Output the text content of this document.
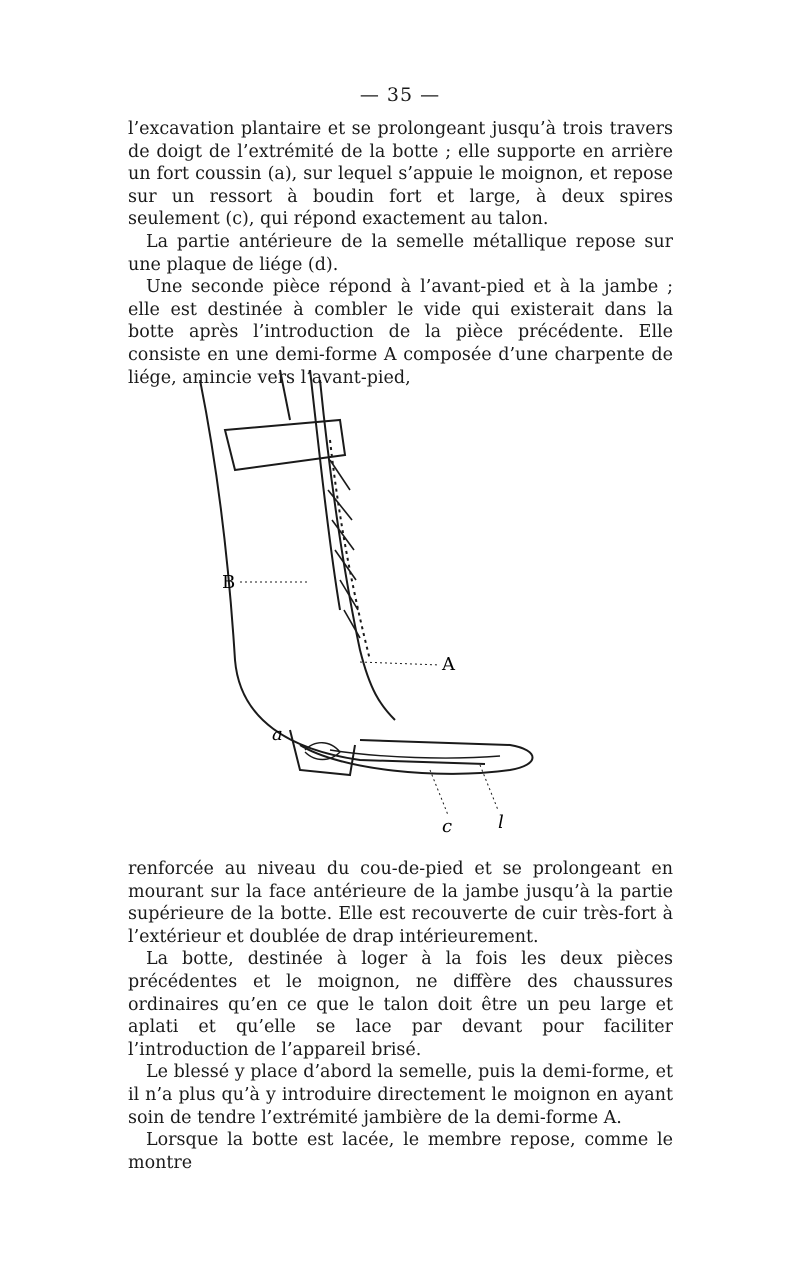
— 35 —

l’excavation plantaire et se prolongeant jusqu’à trois travers de doigt de l’extrémité de la botte ; elle supporte en arrière un fort coussin (a), sur lequel s’appuie le moignon, et repose sur un ressort à boudin fort et large, à deux spires seulement (c), qui répond exactement au talon.

La partie antérieure de la semelle métallique repose sur une plaque de liége (d).

Une seconde pièce répond à l’avant-pied et à la jambe ; elle est destinée à combler le vide qui existerait dans la botte après l’introduction de la pièce précédente. Elle consiste en une demi-forme A composée d’une charpente de liége, amincie vers l’avant-pied,

B
A
a
c	l

renforcée au niveau du cou-de-pied et se prolongeant en mourant sur la face antérieure de la jambe jusqu’à la partie supérieure de la botte. Elle est recouverte de cuir très-fort à l’extérieur et doublée de drap intérieurement.

La botte, destinée à loger à la fois les deux pièces précédentes et le moignon, ne diffère des chaussures ordinaires qu’en ce que le talon doit être un peu large et aplati et qu’elle se lace par devant pour faciliter l’introduction de l’appareil brisé.

Le blessé y place d’abord la semelle, puis la demi-forme, et il n’a plus qu’à y introduire directement le moignon en ayant soin de tendre l’extrémité jambière de la demi-forme A.

Lorsque la botte est lacée, le membre repose, comme le montre
